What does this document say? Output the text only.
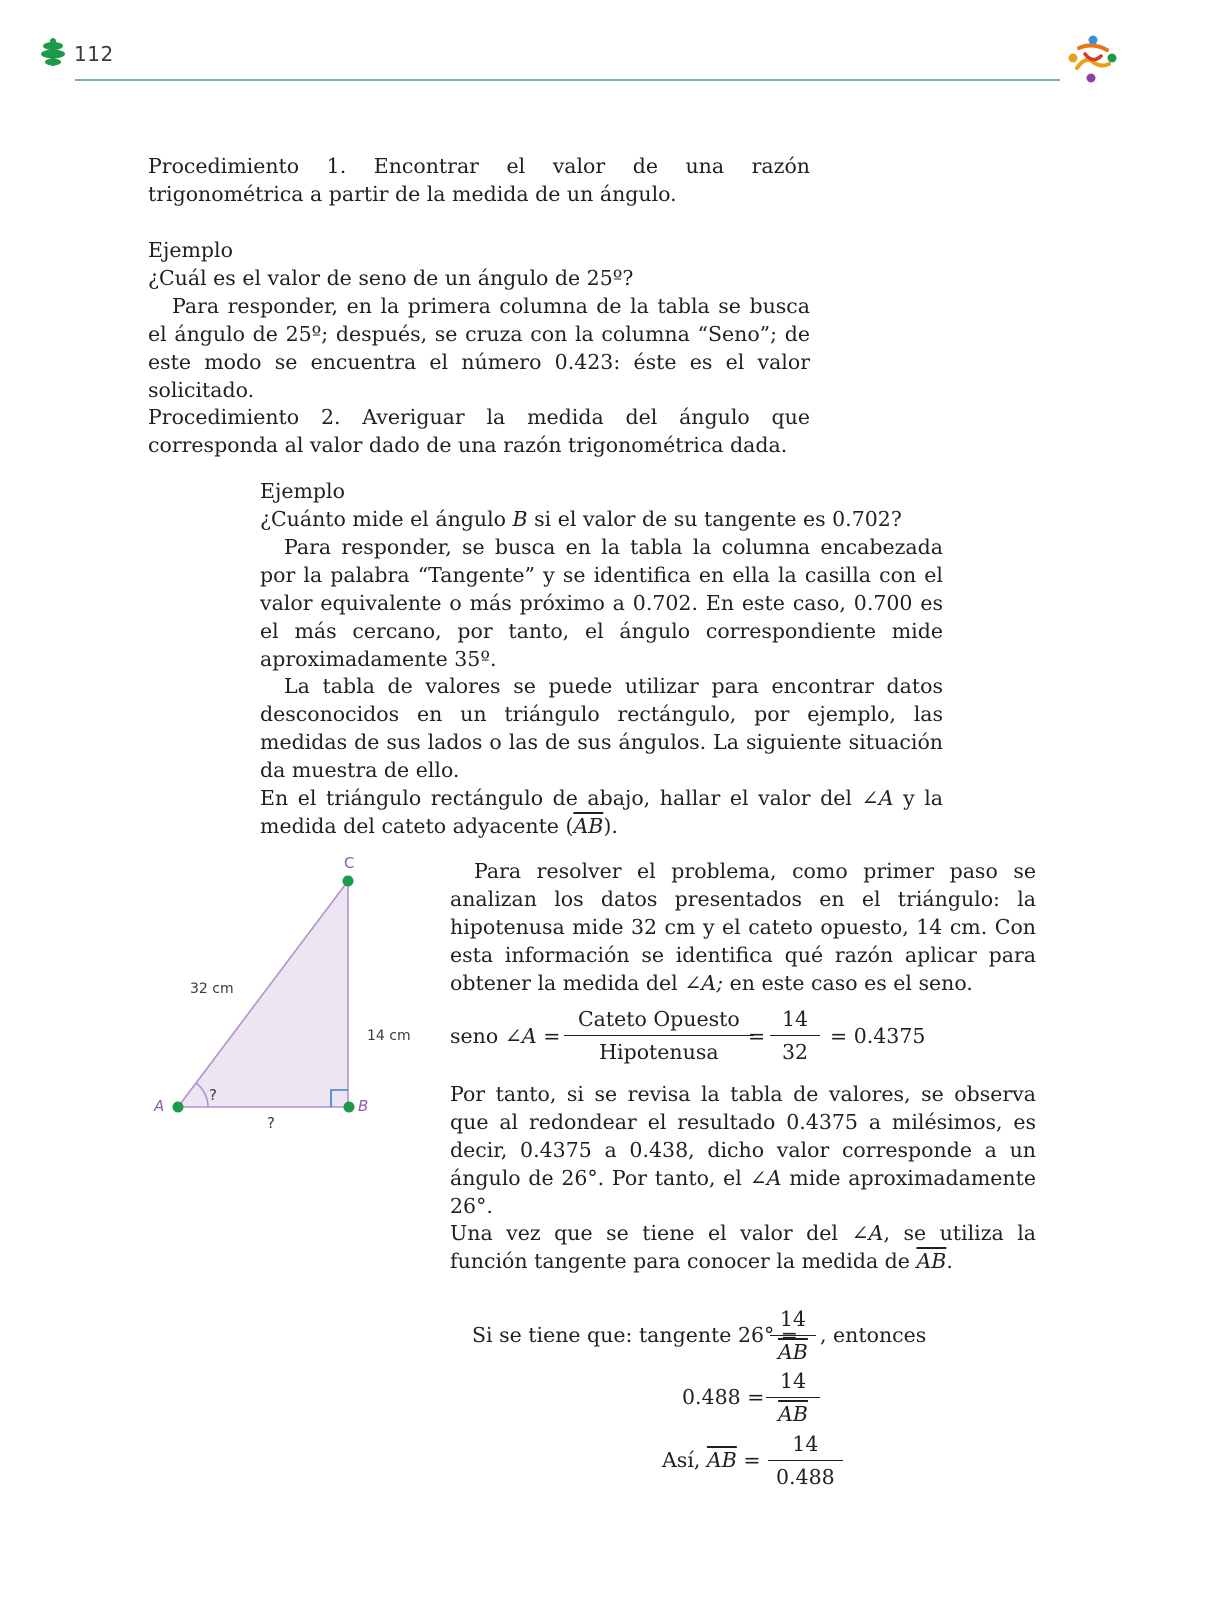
112

Procedimiento 1. Encontrar el valor de una razón trigonométrica a partir de la medida de un ángulo.

Ejemplo

¿Cuál es el valor de seno de un ángulo de 25º?

Para responder, en la primera columna de la tabla se busca el ángulo de 25º; después, se cruza con la columna “Seno”; de este modo se encuentra el número 0.423: éste es el valor solicitado.

Procedimiento 2. Averiguar la medida del ángulo que corresponda al valor dado de una razón trigonométrica dada.

Ejemplo

¿Cuánto mide el ángulo B si el valor de su tangente es 0.702?

Para responder, se busca en la tabla la columna encabezada por la palabra “Tangente” y se identifica en ella la casilla con el valor equivalente o más próximo a 0.702. En este caso, 0.700 es el más cercano, por tanto, el ángulo correspondiente mide aproximadamente 35º.

La tabla de valores se puede utilizar para encontrar datos desconocidos en un triángulo rectángulo, por ejemplo, las medidas de sus lados o las de sus ángulos. La siguiente situación da muestra de ello.

En el triángulo rectángulo de abajo, hallar el valor del ∠A y la medida del cateto adyacente $(\overline{AB})$.

C
A	B
32 cm
14 cm
?
?

Para resolver el problema, como primer paso se analizan los datos presentados en el triángulo: la hipotenusa mide 32 cm y el cateto opuesto, 14 cm. Con esta información se identifica qué razón aplicar para obtener la medida del ∠A; en este caso es el seno.

seno ∠A =
Cateto Opuesto
Hipotenusa
= $\frac{14}{32} = 0.4375$

Por tanto, si se revisa la tabla de valores, se observa que al redondear el resultado 0.4375 a milésimos, es decir, 0.4375 a 0.438, dicho valor corresponde a un ángulo de 26°. Por tanto, el ∠A mide aproximadamente 26°.

Una vez que se tiene el valor del ∠A, se utiliza la función tangente para conocer la medida de $\overline{AB}$.

Si se tiene que: tangente 26° =
$\frac{14}{AB}$ , entonces
$0.488 = \frac{14}{AB}$
Así, $\overline{AB} = \frac{14}{0.488}$
